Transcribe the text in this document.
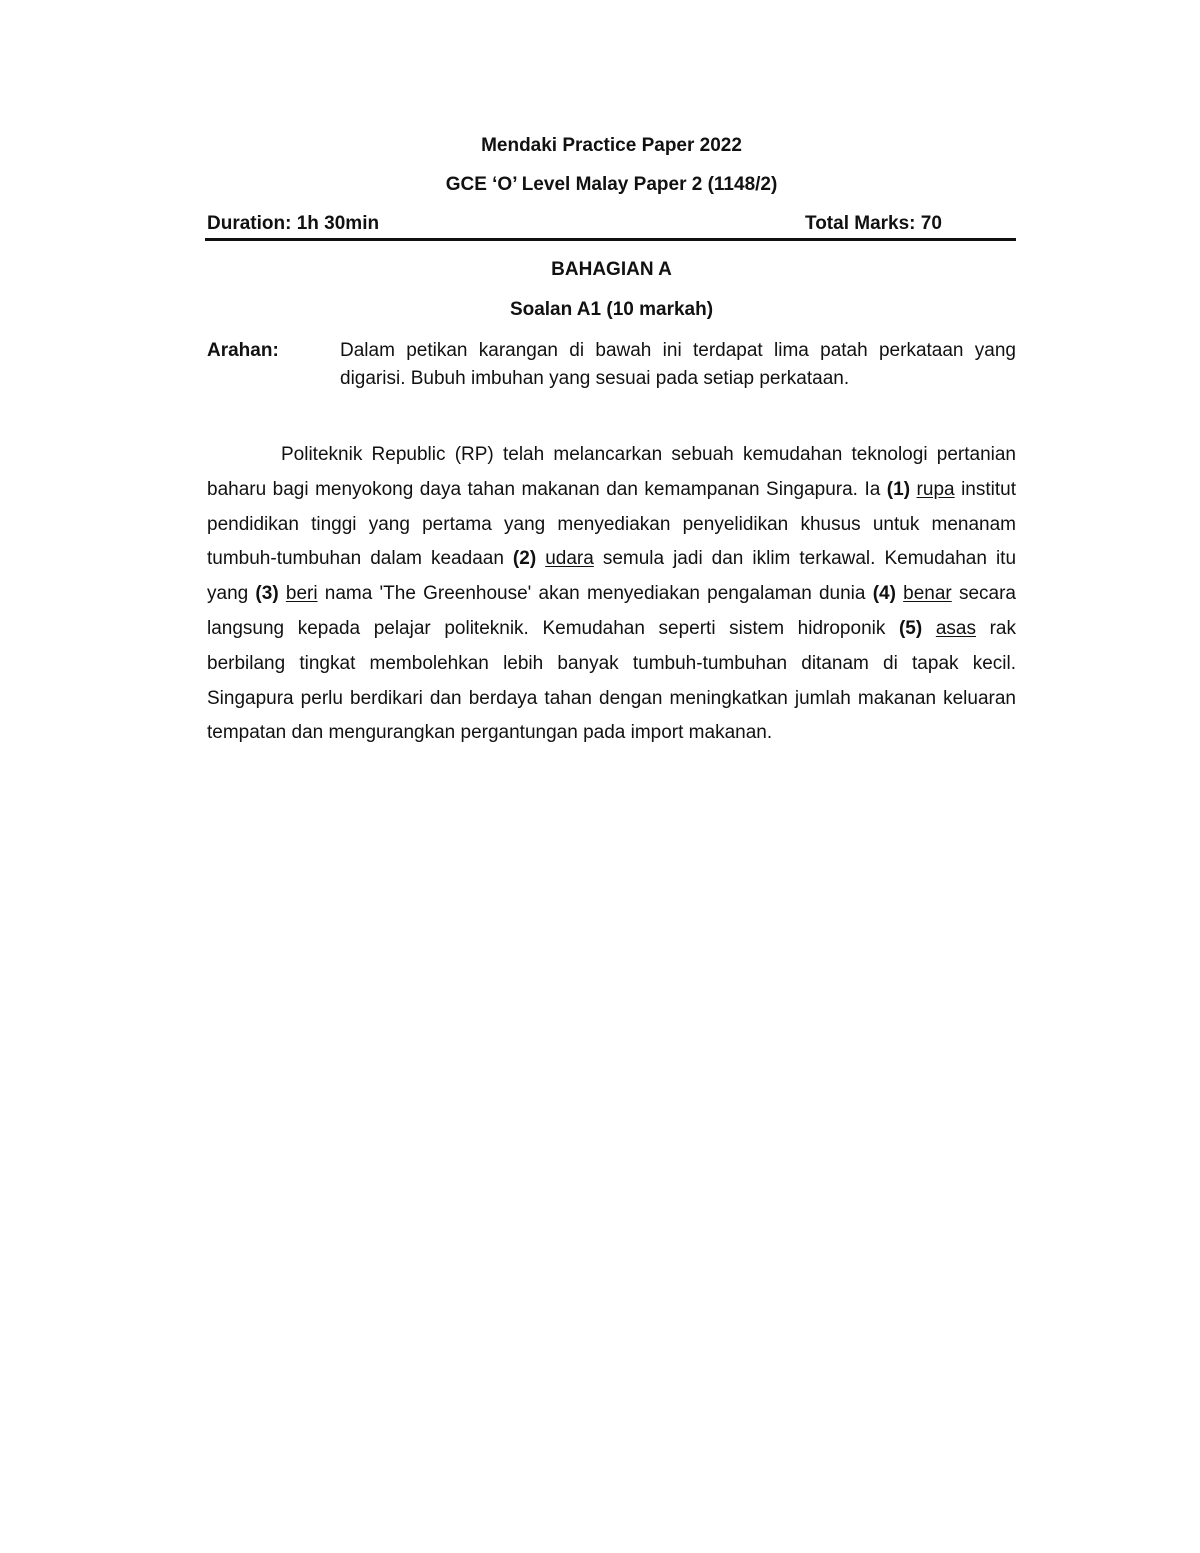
Mendaki Practice Paper 2022
GCE ‘O’ Level Malay Paper 2 (1148/2)
Duration: 1h 30min	Total Marks: 70
BAHAGIAN A
Soalan A1 (10 markah)
Arahan:	Dalam petikan karangan di bawah ini terdapat lima patah perkataan yang digarisi. Bubuh imbuhan yang sesuai pada setiap perkataan.

Politeknik Republic (RP) telah melancarkan sebuah kemudahan teknologi pertanian baharu bagi menyokong daya tahan makanan dan kemampanan Singapura. Ia (1) rupa institut pendidikan tinggi yang pertama yang menyediakan penyelidikan khusus untuk menanam tumbuh-tumbuhan dalam keadaan (2) udara semula jadi dan iklim terkawal. Kemudahan itu yang (3) beri nama 'The Greenhouse' akan menyediakan pengalaman dunia (4) benar secara langsung kepada pelajar politeknik. Kemudahan seperti sistem hidroponik (5) asas rak berbilang tingkat membolehkan lebih banyak tumbuh-tumbuhan ditanam di tapak kecil. Singapura perlu berdikari dan berdaya tahan dengan meningkatkan jumlah makanan keluaran tempatan dan mengurangkan pergantungan pada import makanan.
